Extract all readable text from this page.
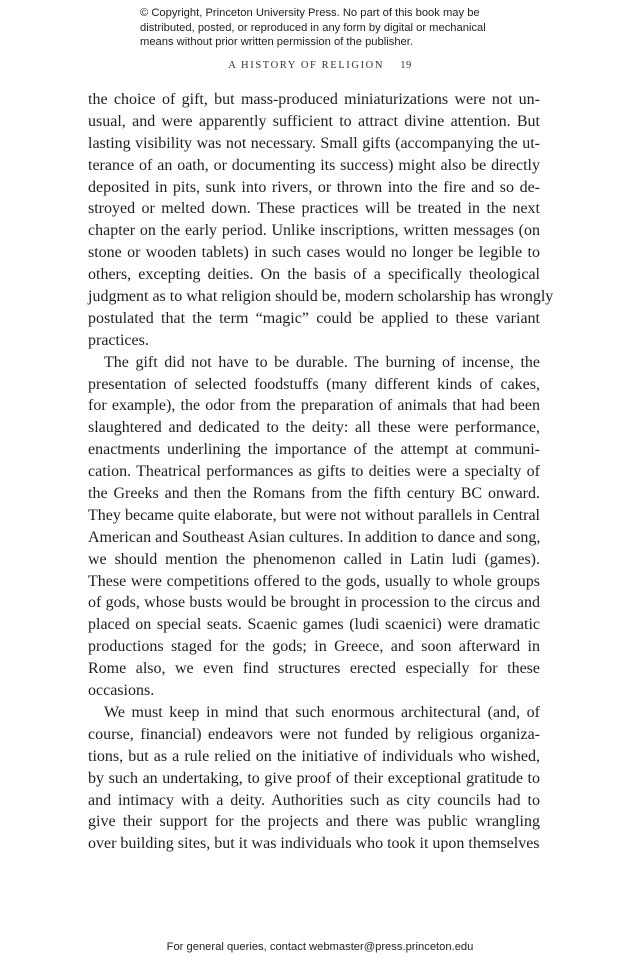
© Copyright, Princeton University Press. No part of this book may be
distributed, posted, or reproduced in any form by digital or mechanical
means without prior written permission of the publisher.
A HISTORY OF RELIGION 19
the choice of gift, but mass-produced miniaturizations were not un-
usual, and were apparently sufficient to attract divine attention. But
lasting visibility was not necessary. Small gifts (accompanying the ut-
terance of an oath, or documenting its success) might also be directly
deposited in pits, sunk into rivers, or thrown into the fire and so de-
stroyed or melted down. These practices will be treated in the next
chapter on the early period. Unlike inscriptions, written messages (on
stone or wooden tablets) in such cases would no longer be legible to
others, excepting deities. On the basis of a specifically theological
judgment as to what religion should be, modern scholarship has wrongly
postulated that the term “magic” could be applied to these variant
practices.
The gift did not have to be durable. The burning of incense, the
presentation of selected foodstuffs (many different kinds of cakes,
for example), the odor from the preparation of animals that had been
slaughtered and dedicated to the deity: all these were performance,
enactments underlining the importance of the attempt at communi-
cation. Theatrical performances as gifts to deities were a specialty of
the Greeks and then the Romans from the fifth century BC onward.
They became quite elaborate, but were not without parallels in Central
American and Southeast Asian cultures. In addition to dance and song,
we should mention the phenomenon called in Latin ludi (games).
These were competitions offered to the gods, usually to whole groups
of gods, whose busts would be brought in procession to the circus and
placed on special seats. Scaenic games (ludi scaenici) were dramatic
productions staged for the gods; in Greece, and soon afterward in
Rome also, we even find structures erected especially for these
occasions.
We must keep in mind that such enormous architectural (and, of
course, financial) endeavors were not funded by religious organiza-
tions, but as a rule relied on the initiative of individuals who wished,
by such an undertaking, to give proof of their exceptional gratitude to
and intimacy with a deity. Authorities such as city councils had to
give their support for the projects and there was public wrangling
over building sites, but it was individuals who took it upon themselves
For general queries, contact webmaster@press.princeton.edu
